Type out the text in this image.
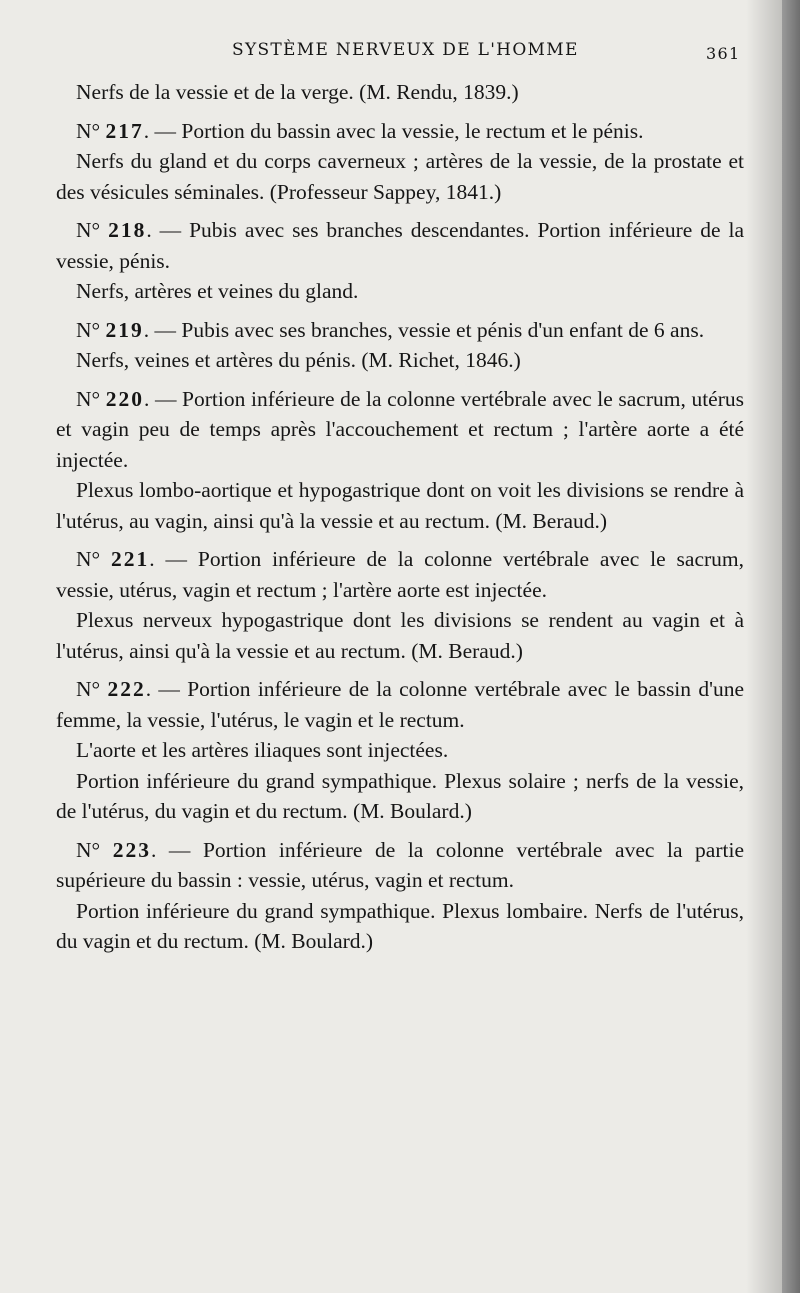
SYSTÈME NERVEUX DE L'HOMME	361

Nerfs de la vessie et de la verge. (M. Rendu, 1839.)

N° 217. — Portion du bassin avec la vessie, le rectum et le pénis.

Nerfs du gland et du corps caverneux ; artères de la vessie, de la prostate et des vésicules séminales. (Professeur Sappey, 1841.)

N° 218. — Pubis avec ses branches descendantes. Portion inférieure de la vessie, pénis.

Nerfs, artères et veines du gland.

N° 219. — Pubis avec ses branches, vessie et pénis d'un enfant de 6 ans.

Nerfs, veines et artères du pénis. (M. Richet, 1846.)

N° 220. — Portion inférieure de la colonne vertébrale avec le sacrum, utérus et vagin peu de temps après l'accouchement et rectum ; l'artère aorte a été injectée.

Plexus lombo-aortique et hypogastrique dont on voit les divisions se rendre à l'utérus, au vagin, ainsi qu'à la vessie et au rectum. (M. Beraud.)

N° 221. — Portion inférieure de la colonne vertébrale avec le sacrum, vessie, utérus, vagin et rectum ; l'artère aorte est injectée.

Plexus nerveux hypogastrique dont les divisions se rendent au vagin et à l'utérus, ainsi qu'à la vessie et au rectum. (M. Beraud.)

N° 222. — Portion inférieure de la colonne vertébrale avec le bassin d'une femme, la vessie, l'utérus, le vagin et le rectum.

L'aorte et les artères iliaques sont injectées.

Portion inférieure du grand sympathique. Plexus solaire ; nerfs de la vessie, de l'utérus, du vagin et du rectum. (M. Boulard.)

N° 223. — Portion inférieure de la colonne vertébrale avec la partie supérieure du bassin : vessie, utérus, vagin et rectum.

Portion inférieure du grand sympathique. Plexus lombaire. Nerfs de l'utérus, du vagin et du rectum. (M. Boulard.)
